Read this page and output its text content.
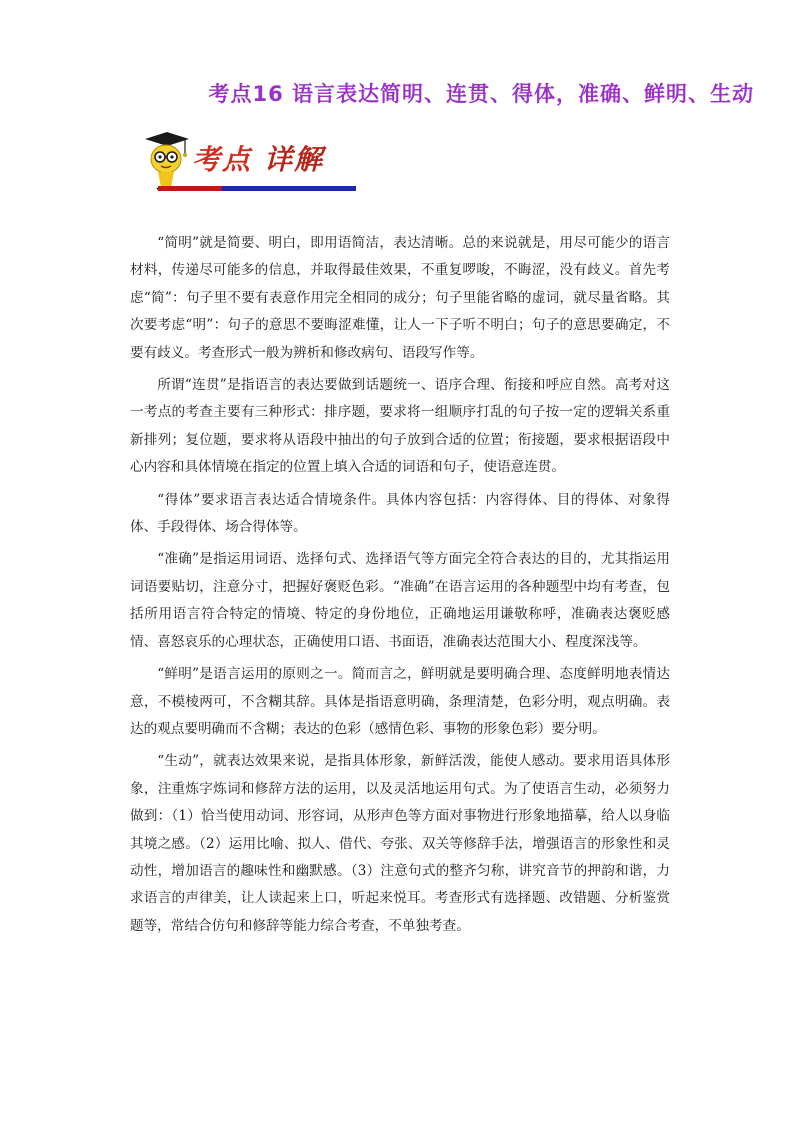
考点16 语言表达简明、连贯、得体，准确、鲜明、生动
考点 详解

“简明”就是简要、明白，即用语简洁，表达清晰。总的来说就是，用尽可能少的语言材料，传递尽可能多的信息，并取得最佳效果，不重复啰唆，不晦涩，没有歧义。首先考虑“简”：句子里不要有表意作用完全相同的成分；句子里能省略的虚词，就尽量省略。其次要考虑“明”：句子的意思不要晦涩难懂，让人一下子听不明白；句子的意思要确定，不要有歧义。考查形式一般为辨析和修改病句、语段写作等。

所谓“连贯”是指语言的表达要做到话题统一、语序合理、衔接和呼应自然。高考对这一考点的考查主要有三种形式：排序题，要求将一组顺序打乱的句子按一定的逻辑关系重新排列；复位题，要求将从语段中抽出的句子放到合适的位置；衔接题，要求根据语段中心内容和具体情境在指定的位置上填入合适的词语和句子，使语意连贯。

“得体”要求语言表达适合情境条件。具体内容包括：内容得体、目的得体、对象得体、手段得体、场合得体等。

“准确”是指运用词语、选择句式、选择语气等方面完全符合表达的目的，尤其指运用词语要贴切，注意分寸，把握好褒贬色彩。“准确”在语言运用的各种题型中均有考查，包括所用语言符合特定的情境、特定的身份地位，正确地运用谦敬称呼，准确表达褒贬感情、喜怒哀乐的心理状态，正确使用口语、书面语，准确表达范围大小、程度深浅等。

“鲜明”是语言运用的原则之一。简而言之，鲜明就是要明确合理、态度鲜明地表情达意，不模棱两可，不含糊其辞。具体是指语意明确，条理清楚，色彩分明，观点明确。表达的观点要明确而不含糊；表达的色彩（感情色彩、事物的形象色彩）要分明。

“生动”，就表达效果来说，是指具体形象，新鲜活泼，能使人感动。要求用语具体形象，注重炼字炼词和修辞方法的运用，以及灵活地运用句式。为了使语言生动，必须努力做到：（1）恰当使用动词、形容词，从形声色等方面对事物进行形象地描摹，给人以身临其境之感。（2）运用比喻、拟人、借代、夸张、双关等修辞手法，增强语言的形象性和灵动性，增加语言的趣味性和幽默感。（3）注意句式的整齐匀称，讲究音节的押韵和谐，力求语言的声律美，让人读起来上口，听起来悦耳。考查形式有选择题、改错题、分析鉴赏题等，常结合仿句和修辞等能力综合考查，不单独考查。
